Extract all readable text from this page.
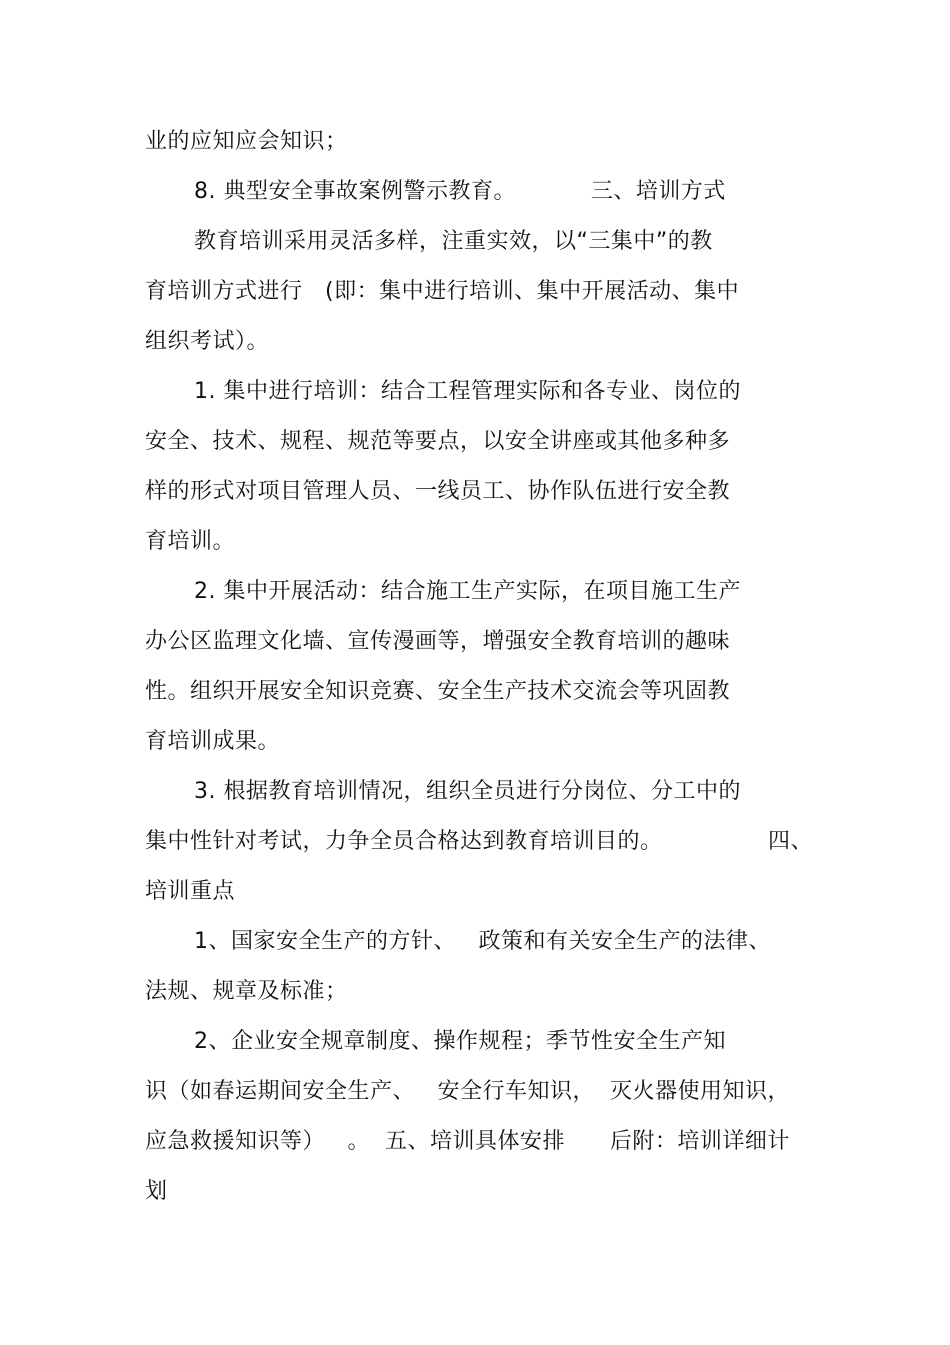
业的应知应会知识；
8. 典型安全事故案例警示教育。          三、培训方式
教育培训采用灵活多样，注重实效，以“三集中”的教
育培训方式进行   (即：集中进行培训、集中开展活动、集中
组织考试）。
1. 集中进行培训：结合工程管理实际和各专业、岗位的
安全、技术、规程、规范等要点，以安全讲座或其他多种多
样的形式对项目管理人员、一线员工、协作队伍进行安全教
育培训。
2. 集中开展活动：结合施工生产实际，在项目施工生产
办公区监理文化墙、宣传漫画等，增强安全教育培训的趣味
性。组织开展安全知识竞赛、安全生产技术交流会等巩固教
育培训成果。
3. 根据教育培训情况，组织全员进行分岗位、分工中的
集中性针对考试，力争全员合格达到教育培训目的。	四、
培训重点
1、国家安全生产的方针、   政策和有关安全生产的法律、
法规、规章及标准；
2、企业安全规章制度、操作规程；季节性安全生产知
识（如春运期间安全生产、   安全行车知识，  灭火器使用知识，
应急救援知识等）   。  五、培训具体安排      后附：培训详细计
划
